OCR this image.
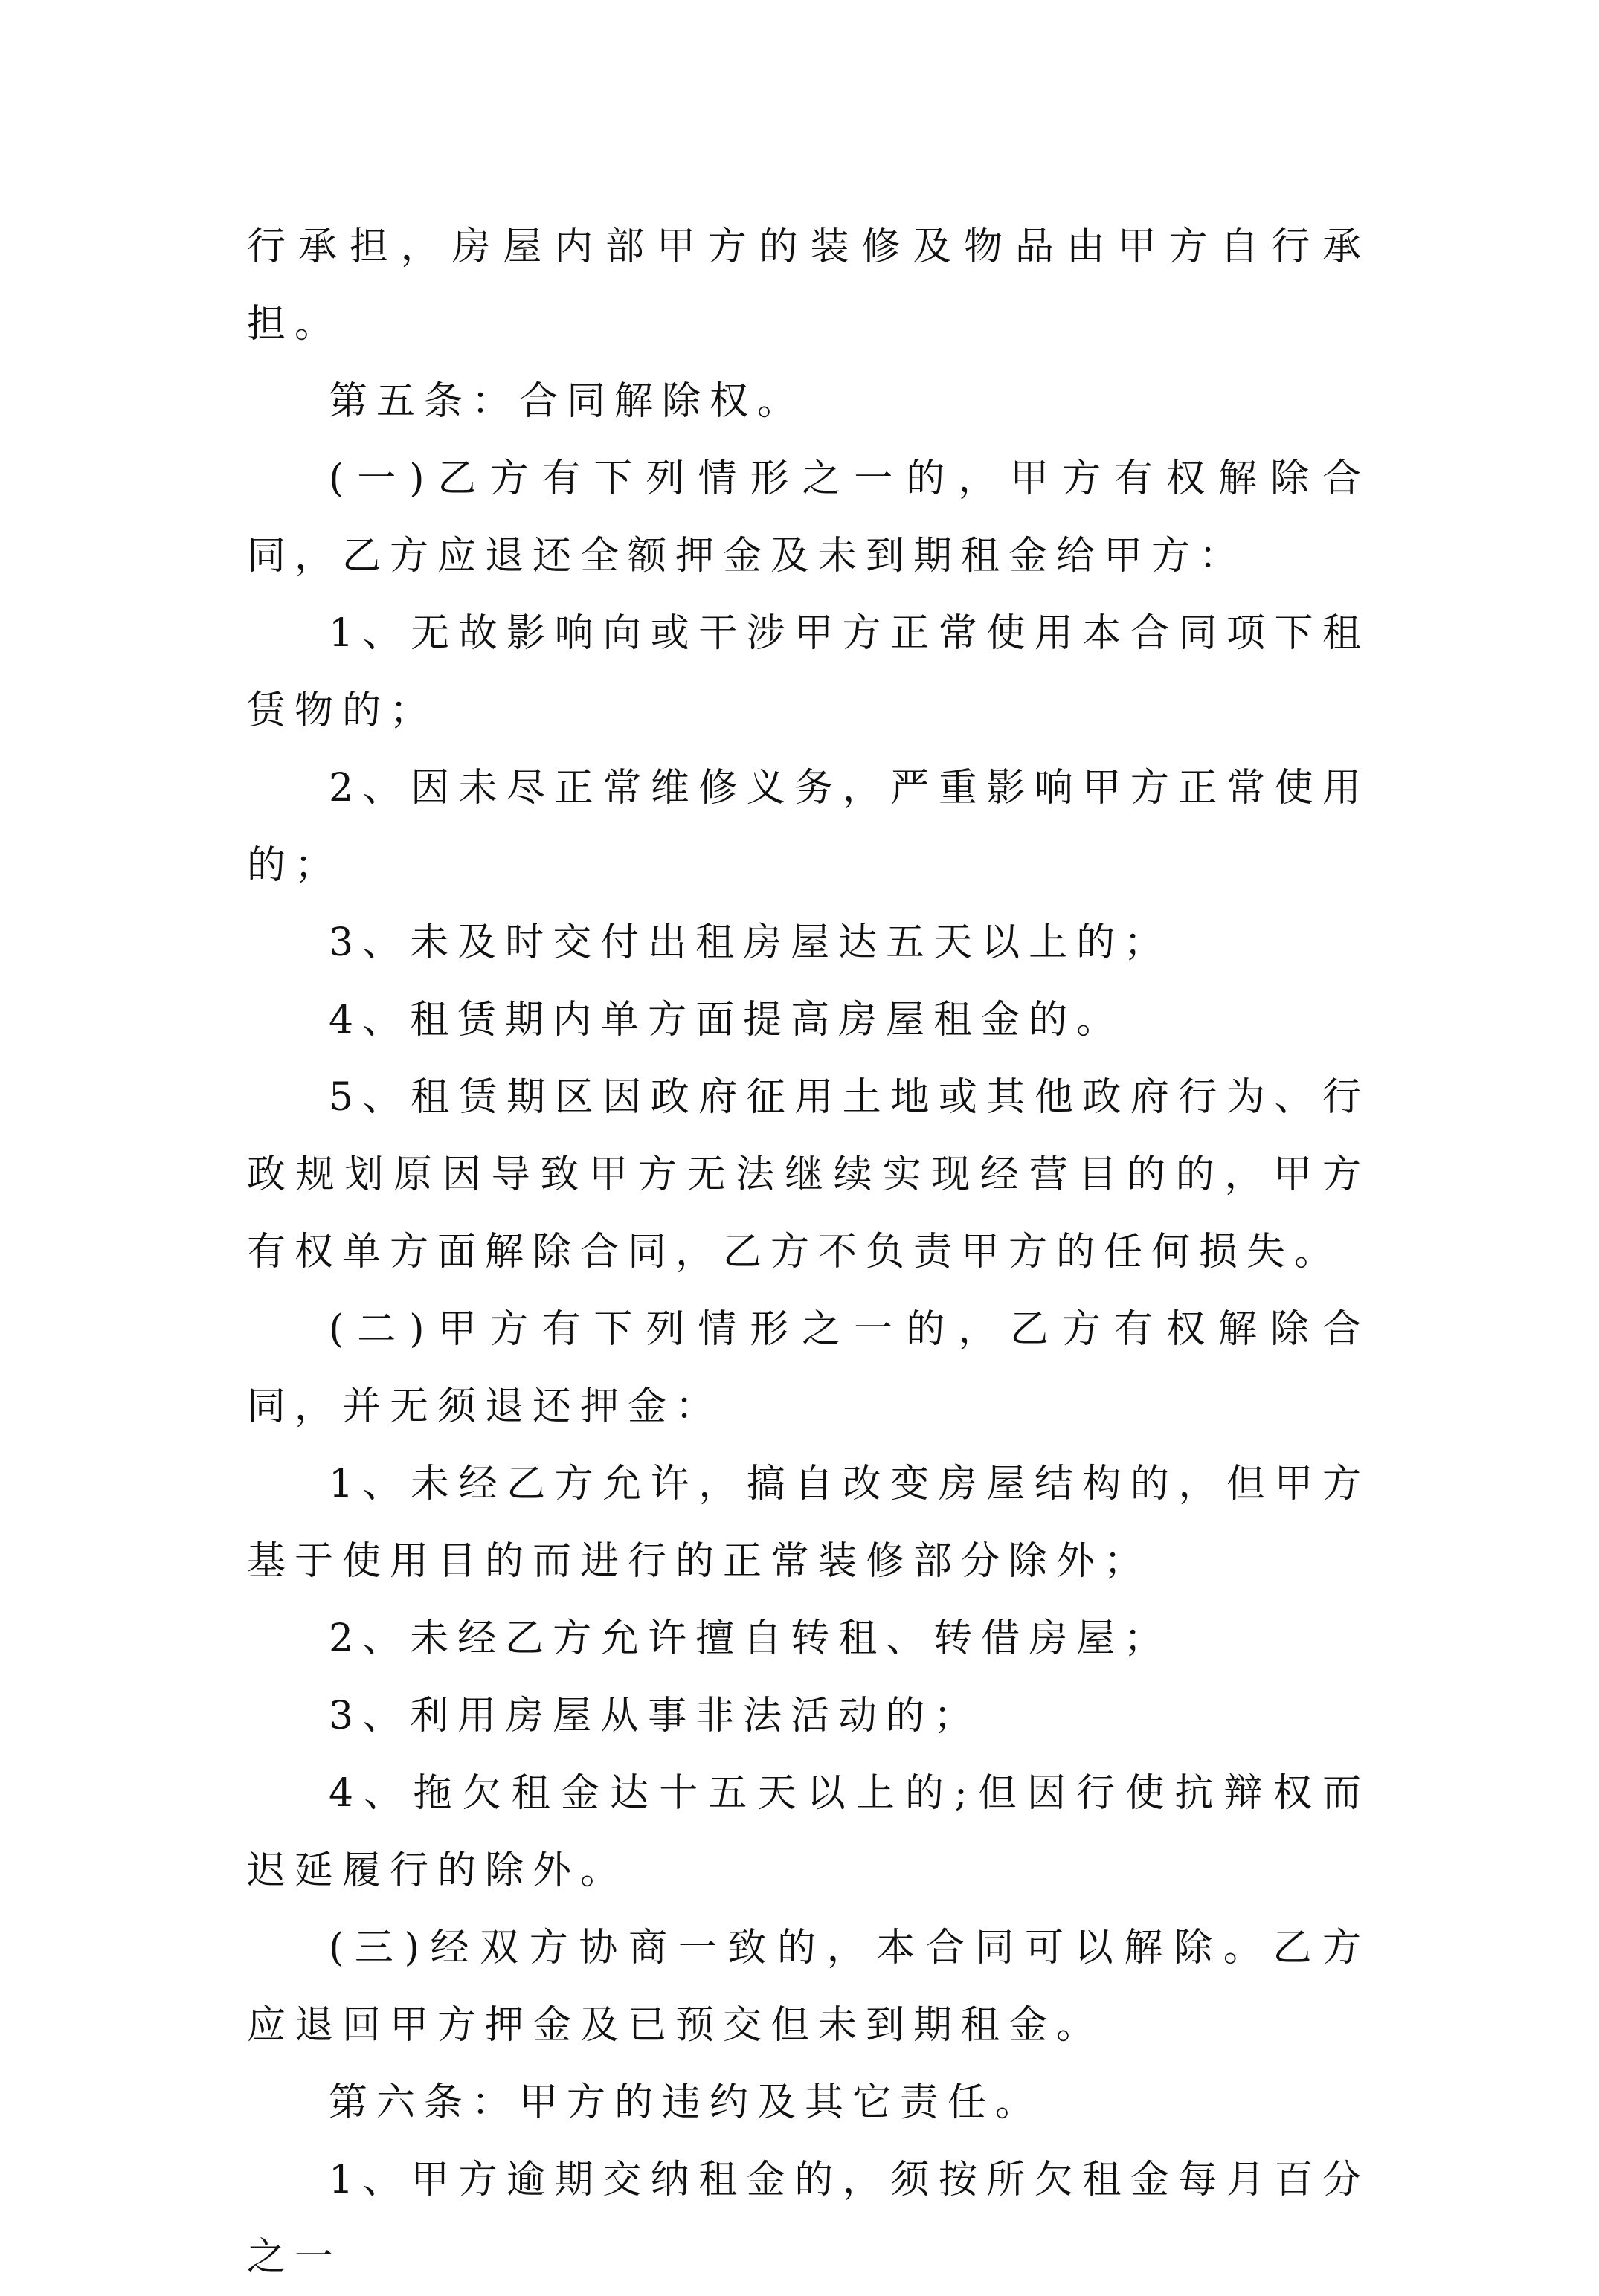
行承担，房屋内部甲方的装修及物品由甲方自行承担。

第五条：合同解除权。

(一)乙方有下列情形之一的，甲方有权解除合同，乙方应退还全额押金及未到期租金给甲方：

1、无故影响向或干涉甲方正常使用本合同项下租赁物的；

2、因未尽正常维修义务，严重影响甲方正常使用的；

3、未及时交付出租房屋达五天以上的；

4、租赁期内单方面提高房屋租金的。

5、租赁期区因政府征用土地或其他政府行为、行政规划原因导致甲方无法继续实现经营目的的，甲方有权单方面解除合同，乙方不负责甲方的任何损失。

(二)甲方有下列情形之一的，乙方有权解除合同，并无须退还押金：

1、未经乙方允许，搞自改变房屋结构的，但甲方基于使用目的而进行的正常装修部分除外；

2、未经乙方允许擅自转租、转借房屋；

3、利用房屋从事非法活动的；

4、拖欠租金达十五天以上的;但因行使抗辩权而迟延履行的除外。

(三)经双方协商一致的，本合同可以解除。乙方应退回甲方押金及已预交但未到期租金。

第六条：甲方的违约及其它责任。

1、甲方逾期交纳租金的，须按所欠租金每月百分之一
